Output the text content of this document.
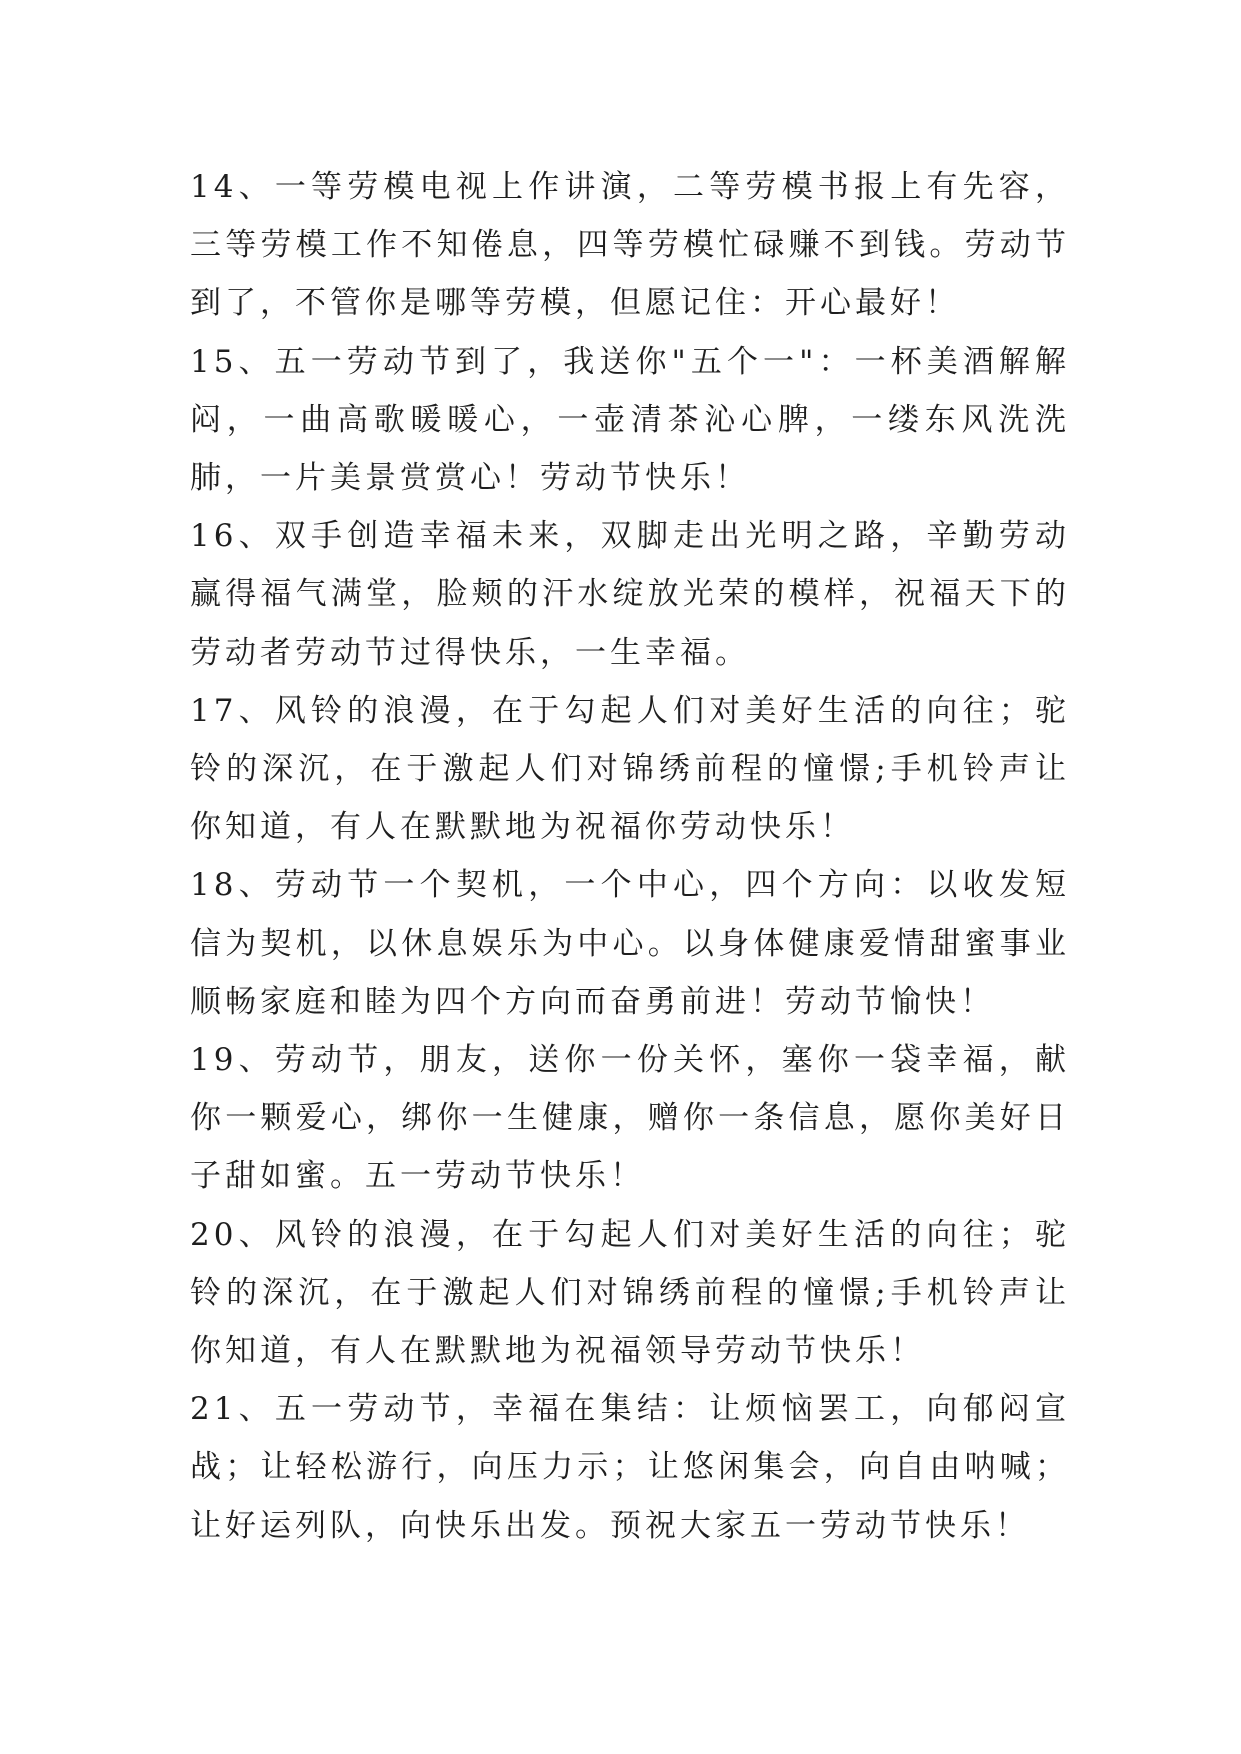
14、一等劳模电视上作讲演，二等劳模书报上有先容，三等劳模工作不知倦息，四等劳模忙碌赚不到钱。劳动节到了，不管你是哪等劳模，但愿记住：开心最好！

15、五一劳动节到了，我送你"五个一"：一杯美酒解解闷，一曲高歌暖暖心，一壶清茶沁心脾，一缕东风洗洗肺，一片美景赏赏心！劳动节快乐！

16、双手创造幸福未来，双脚走出光明之路，辛勤劳动赢得福气满堂，脸颊的汗水绽放光荣的模样，祝福天下的劳动者劳动节过得快乐，一生幸福。

17、风铃的浪漫，在于勾起人们对美好生活的向往；驼铃的深沉，在于激起人们对锦绣前程的憧憬;手机铃声让你知道，有人在默默地为祝福你劳动快乐！

18、劳动节一个契机，一个中心，四个方向：以收发短信为契机，以休息娱乐为中心。以身体健康爱情甜蜜事业顺畅家庭和睦为四个方向而奋勇前进！劳动节愉快！

19、劳动节，朋友，送你一份关怀，塞你一袋幸福，献你一颗爱心，绑你一生健康，赠你一条信息，愿你美好日子甜如蜜。五一劳动节快乐！

20、风铃的浪漫，在于勾起人们对美好生活的向往；驼铃的深沉，在于激起人们对锦绣前程的憧憬;手机铃声让你知道，有人在默默地为祝福领导劳动节快乐！

21、五一劳动节，幸福在集结：让烦恼罢工，向郁闷宣战；让轻松游行，向压力示；让悠闲集会，向自由呐喊；让好运列队，向快乐出发。预祝大家五一劳动节快乐！
